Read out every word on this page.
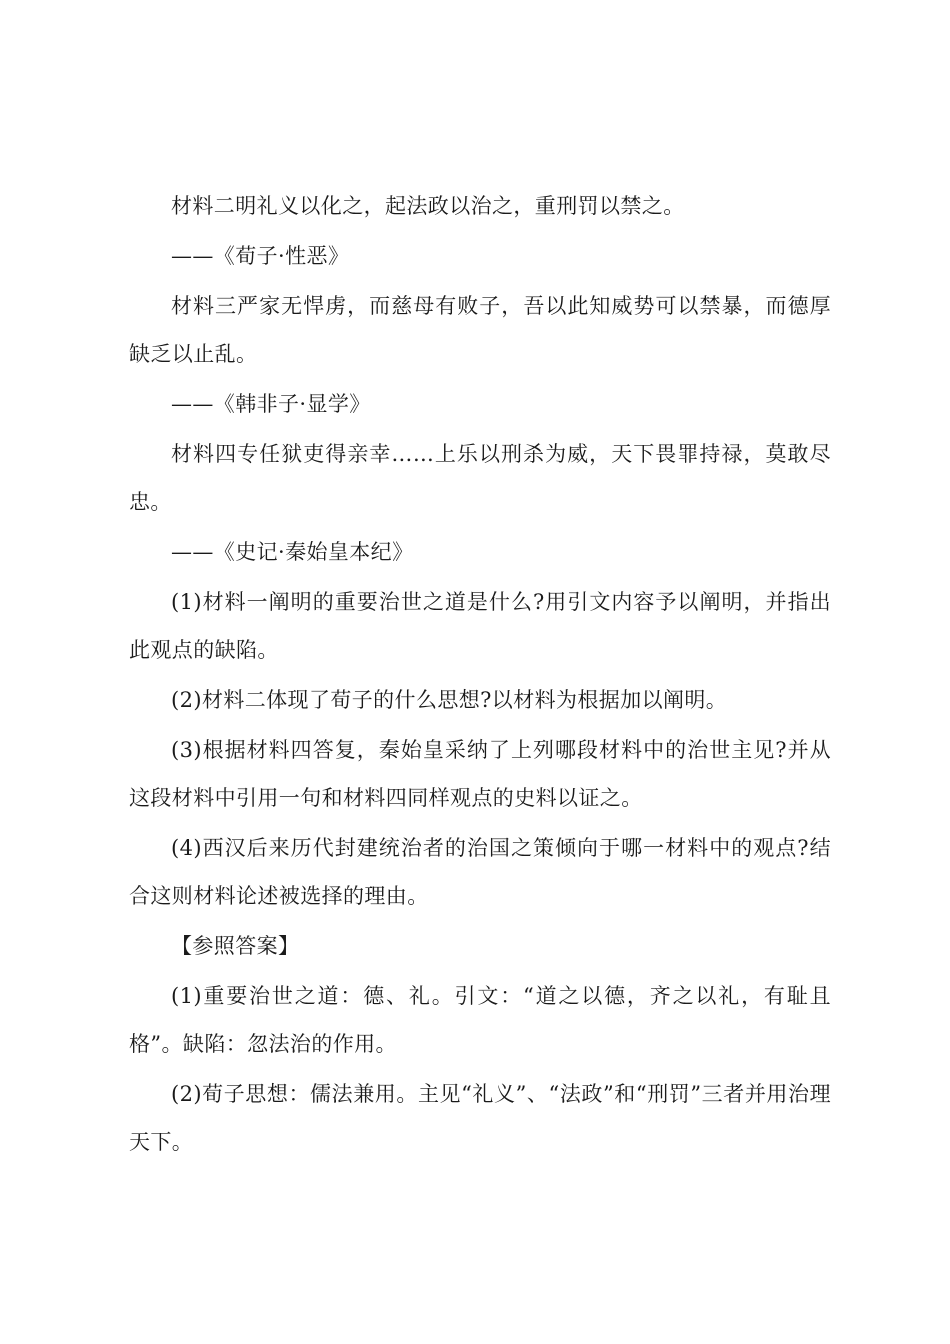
材料二明礼义以化之，起法政以治之，重刑罚以禁之。

——《荀子·性恶》

材料三严家无悍虏，而慈母有败子，吾以此知威势可以禁暴，而德厚缺乏以止乱。

——《韩非子·显学》

材料四专任狱吏得亲幸……上乐以刑杀为威，天下畏罪持禄，莫敢尽忠。

——《史记·秦始皇本纪》

(1)材料一阐明的重要治世之道是什么?用引文内容予以阐明，并指出此观点的缺陷。

(2)材料二体现了荀子的什么思想?以材料为根据加以阐明。

(3)根据材料四答复，秦始皇采纳了上列哪段材料中的治世主见?并从这段材料中引用一句和材料四同样观点的史料以证之。

(4)西汉后来历代封建统治者的治国之策倾向于哪一材料中的观点?结合这则材料论述被选择的理由。

【参照答案】

(1)重要治世之道：德、礼。引文：“道之以德，齐之以礼，有耻且格”。缺陷：忽法治的作用。

(2)荀子思想：儒法兼用。主见“礼义”、“法政”和“刑罚”三者并用治理天下。
